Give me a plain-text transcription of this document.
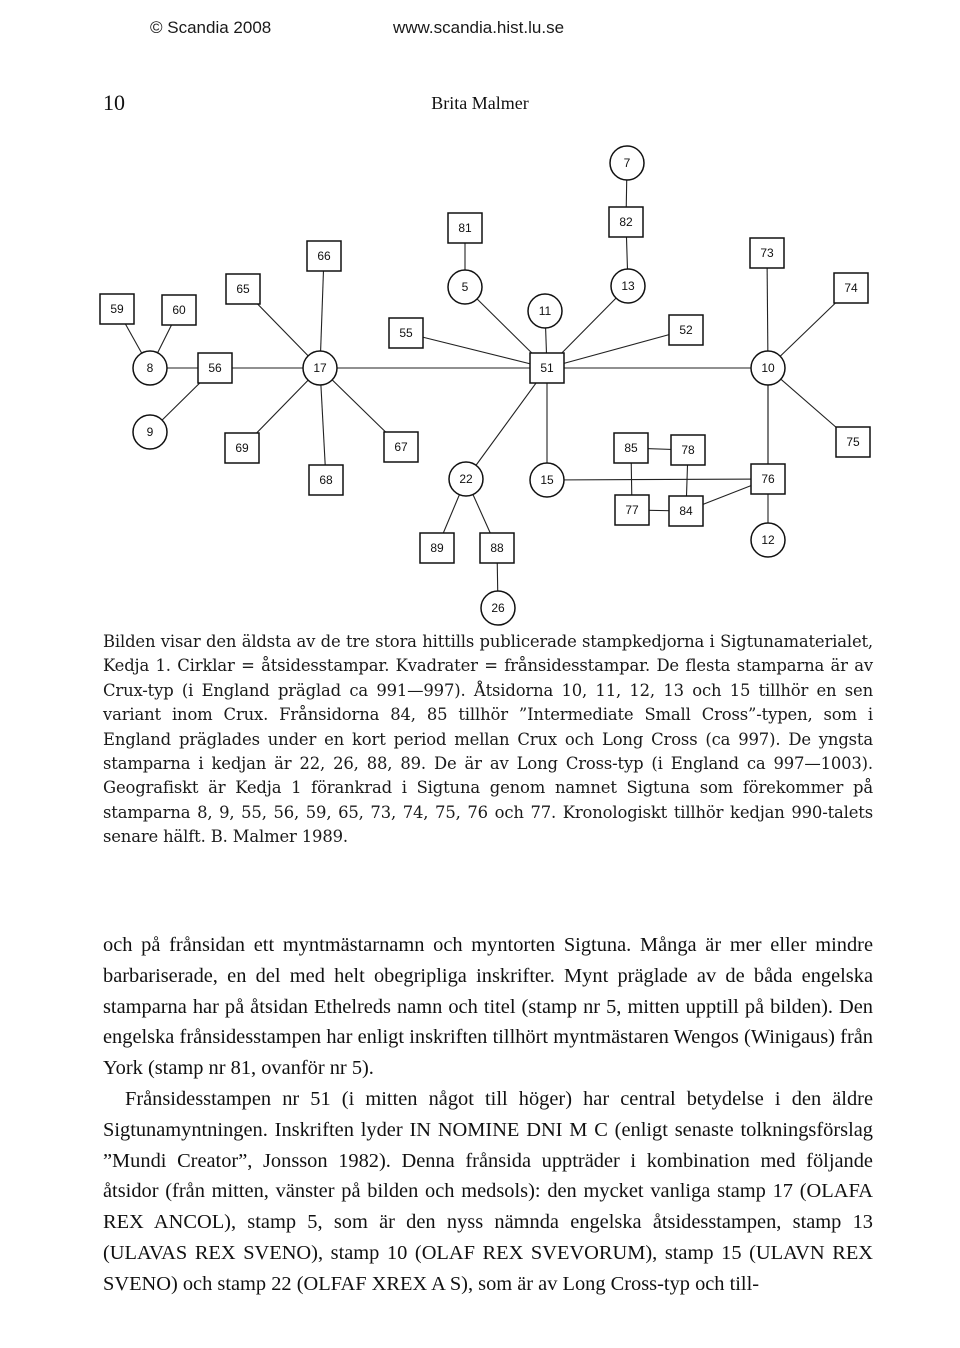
© Scandia 2008	www.scandia.hist.lu.se
10	Brita Malmer
7
81	82
66	73
59	60
65	5	13	74
11
55	52
8	56	17	51	10
9
69	67	85	78
75
68	22	15	76
77	84
89	88
12
26
Bilden visar den äldsta av de tre stora hittills publicerade stampkedjorna i Sigtunamaterialet, Kedja 1. Cirklar = åtsidesstampar. Kvadrater = frånsidesstampar. De flesta stamparna är av Crux-typ (i England präglad ca 991—997). Åtsidorna 10, 11, 12, 13 och 15 tillhör en sen variant inom Crux. Frånsidorna 84, 85 tillhör ”Intermediate Small Cross”-typen, som i England präglades under en kort period mellan Crux och Long Cross (ca 997). De yngsta stamparna i kedjan är 22, 26, 88, 89. De är av Long Cross-typ (i England ca 997—1003). Geografiskt är Kedja 1 förankrad i Sigtuna genom namnet Sigtuna som förekommer på stamparna 8, 9, 55, 56, 59, 65, 73, 74, 75, 76 och 77. Kronologiskt tillhör kedjan 990-talets senare hälft. B. Malmer 1989.

och på frånsidan ett myntmästarnamn och myntorten Sigtuna. Många är mer eller mindre barbariserade, en del med helt obegripliga inskrifter. Mynt präglade av de båda engelska stamparna har på åtsidan Ethelreds namn och titel (stamp nr 5, mitten upptill på bilden). Den engelska frånsidesstampen har enligt inskriften tillhört myntmästaren Wengos (Winigaus) från York (stamp nr 81, ovanför nr 5).

Frånsidesstampen nr 51 (i mitten något till höger) har central betydelse i den äldre Sigtunamyntningen. Inskriften lyder IN NOMINE DNI M C (enligt senaste tolkningsförslag ”Mundi Creator”, Jonsson 1982). Denna frånsida uppträder i kombination med följande åtsidor (från mitten, vänster på bilden och medsols): den mycket vanliga stamp 17 (OLAFA REX ANCOL), stamp 5, som är den nyss nämnda engelska åtsidesstampen, stamp 13 (ULAVAS REX SVENO), stamp 10 (OLAF REX SVEVORUM), stamp 15 (ULAVN REX SVENO) och stamp 22 (OLFAF XREX A S), som är av Long Cross-typ och till-
